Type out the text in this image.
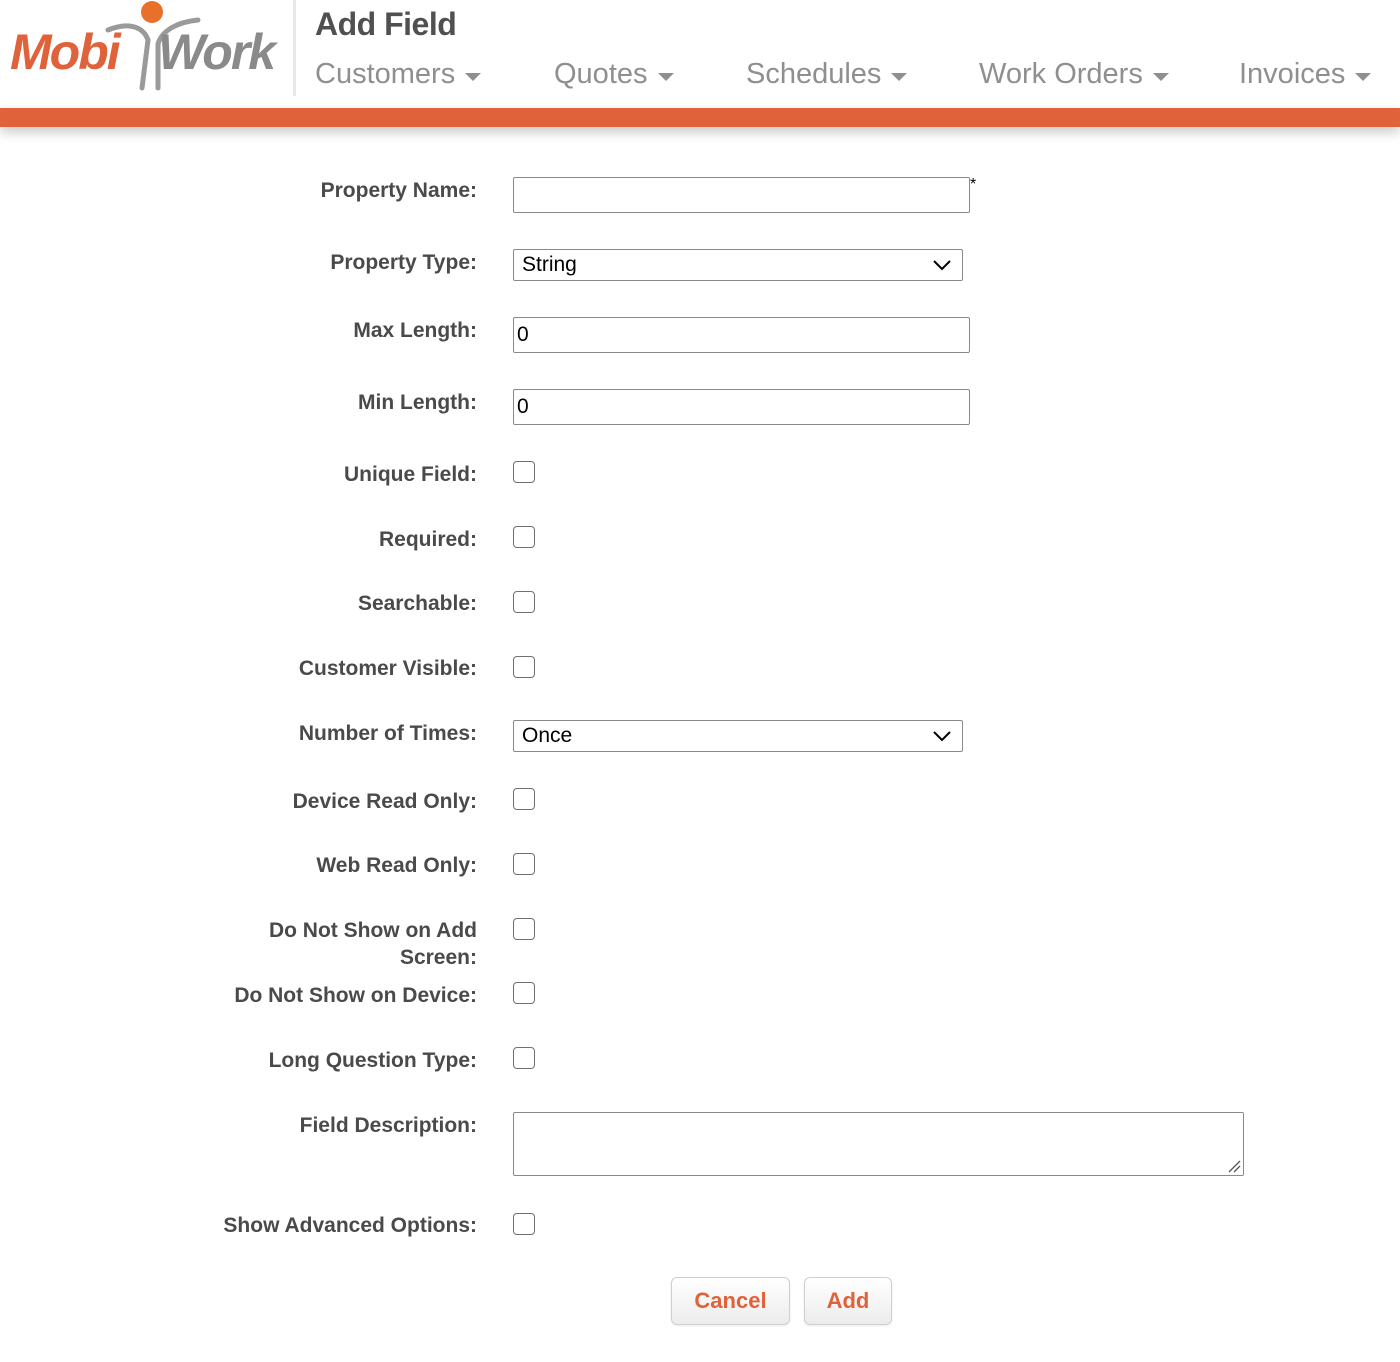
Mobi Work Add Field
Customers	Quotes	Schedules	Work Orders	Invoices
Property Name:	*
Property Type: String
Max Length:
0
Min Length:
0
Unique Field:
Required:
Searchable:
Customer Visible:
Number of Times: Once
Device Read Only:
Web Read Only:
Do Not Show on Add
Screen:
Do Not Show on Device:
Long Question Type:
Field Description:
Show Advanced Options:
Cancel	Add
